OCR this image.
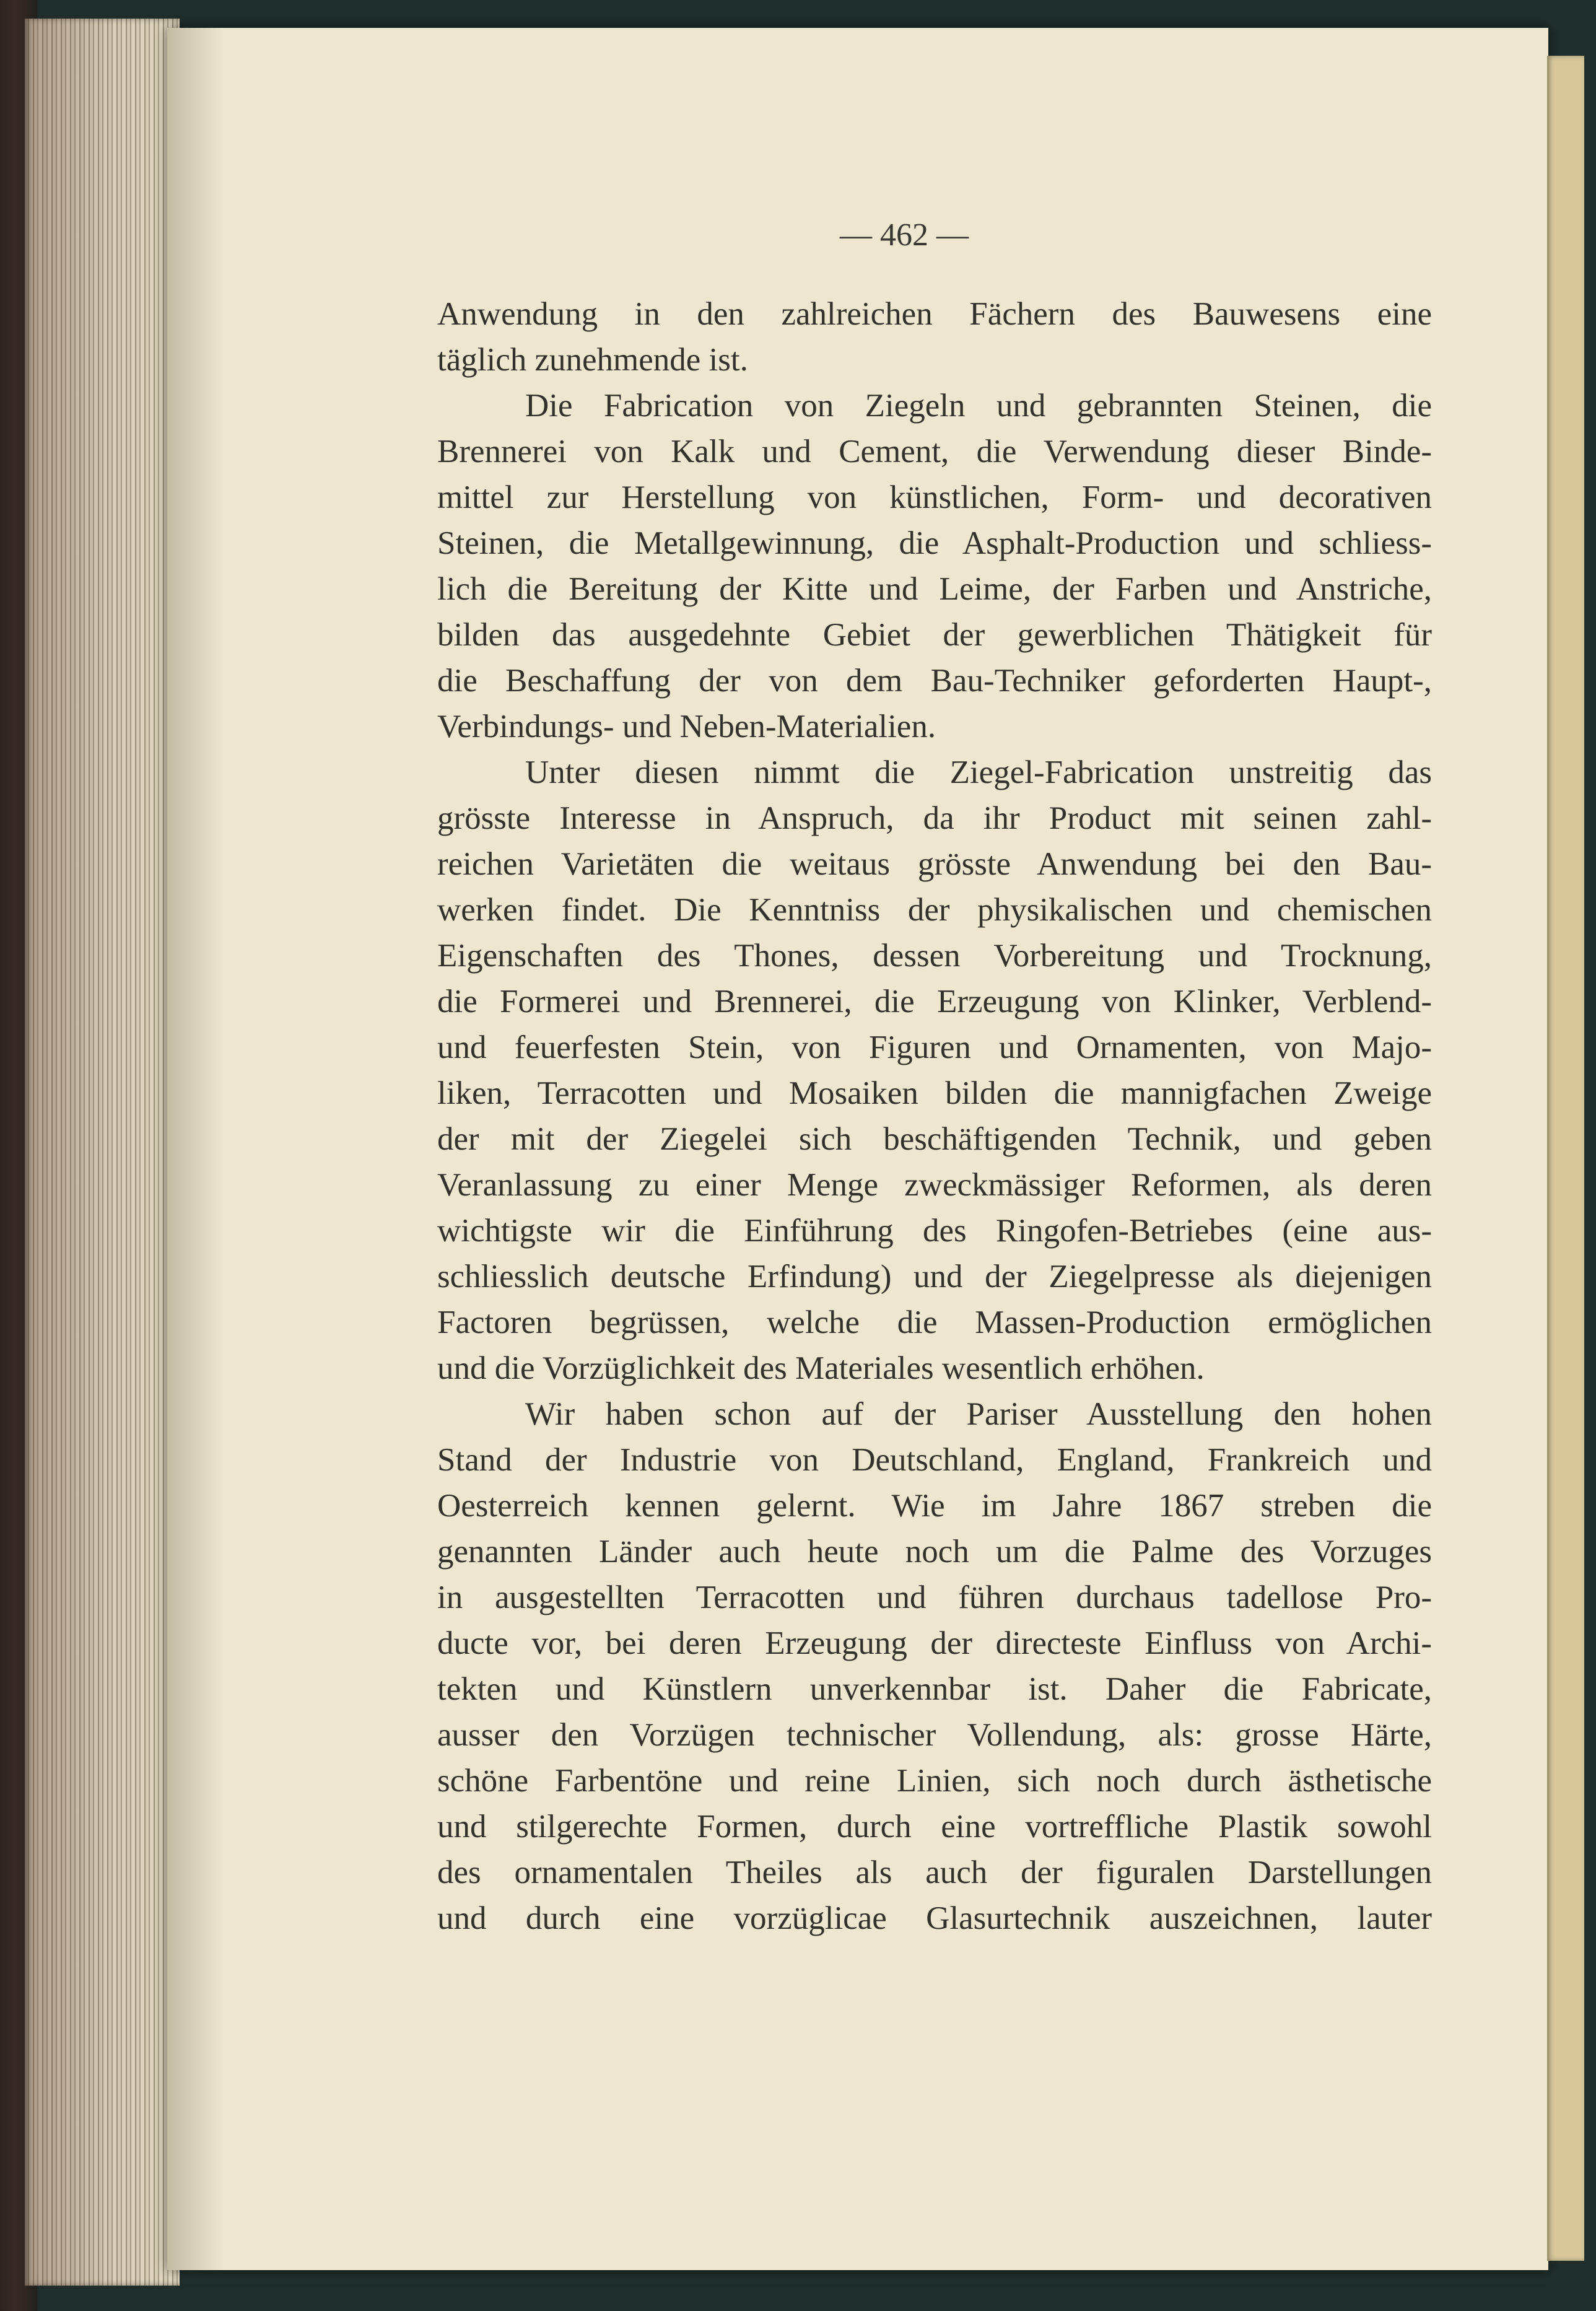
— 462 —
Anwendung in den zahlreichen Fächern des Bauwesens eine
täglich zunehmende ist.
Die Fabrication von Ziegeln und gebrannten Steinen, die
Brennerei von Kalk und Cement, die Verwendung dieser Binde-
mittel zur Herstellung von künstlichen, Form- und decorativen
Steinen, die Metallgewinnung, die Asphalt-Production und schliess-
lich die Bereitung der Kitte und Leime, der Farben und Anstriche,
bilden das ausgedehnte Gebiet der gewerblichen Thätigkeit für
die Beschaffung der von dem Bau-Techniker geforderten Haupt-,
Verbindungs- und Neben-Materialien.
Unter diesen nimmt die Ziegel-Fabrication unstreitig das
grösste Interesse in Anspruch, da ihr Product mit seinen zahl-
reichen Varietäten die weitaus grösste Anwendung bei den Bau-
werken findet. Die Kenntniss der physikalischen und chemischen
Eigenschaften des Thones, dessen Vorbereitung und Trocknung,
die Formerei und Brennerei, die Erzeugung von Klinker, Verblend-
und feuerfesten Stein, von Figuren und Ornamenten, von Majo-
liken, Terracotten und Mosaiken bilden die mannigfachen Zweige
der mit der Ziegelei sich beschäftigenden Technik, und geben
Veranlassung zu einer Menge zweckmässiger Reformen, als deren
wichtigste wir die Einführung des Ringofen-Betriebes (eine aus-
schliesslich deutsche Erfindung) und der Ziegelpresse als diejenigen
Factoren begrüssen, welche die Massen-Production ermöglichen
und die Vorzüglichkeit des Materiales wesentlich erhöhen.
Wir haben schon auf der Pariser Ausstellung den hohen
Stand der Industrie von Deutschland, England, Frankreich und
Oesterreich kennen gelernt. Wie im Jahre 1867 streben die
genannten Länder auch heute noch um die Palme des Vorzuges
in ausgestellten Terracotten und führen durchaus tadellose Pro-
ducte vor, bei deren Erzeugung der directeste Einfluss von Archi-
tekten und Künstlern unverkennbar ist. Daher die Fabricate,
ausser den Vorzügen technischer Vollendung, als: grosse Härte,
schöne Farbentöne und reine Linien, sich noch durch ästhetische
und stilgerechte Formen, durch eine vortreffliche Plastik sowohl
des ornamentalen Theiles als auch der figuralen Darstellungen
und durch eine vorzüglicae Glasurtechnik auszeichnen, lauter
